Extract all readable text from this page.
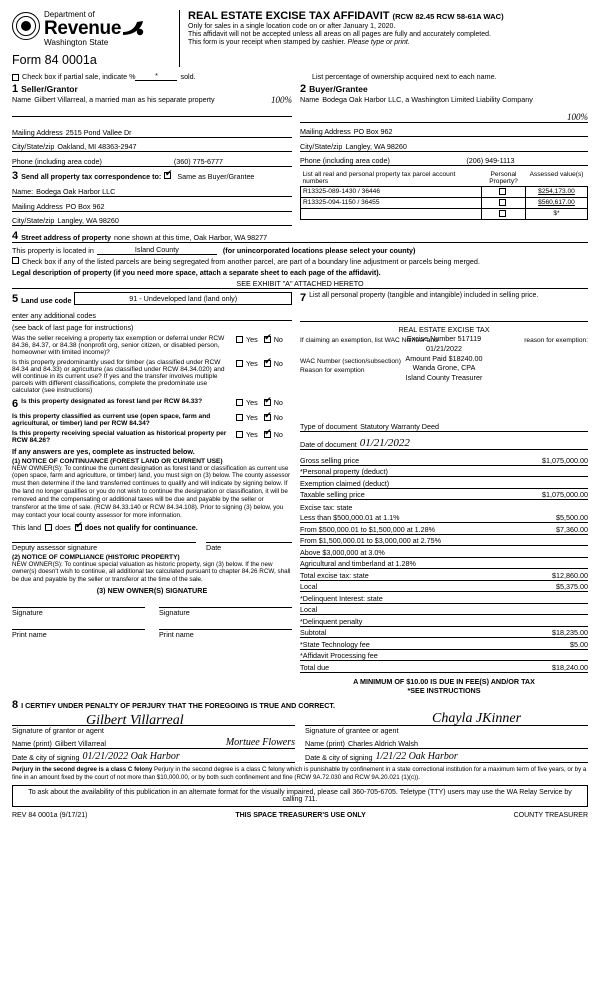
Department of
Revenue
Washington State
Form 84 0001a
REAL ESTATE EXCISE TAX AFFIDAVIT (RCW 82.45 RCW 58-61A WAC)
Only for sales in a single location code on or after January 1, 2020.
This affidavit will not be accepted unless all areas on all pages are fully and accurately completed.
This form is your receipt when stamped by cashier. Please type or print.
Check box if partial sale, indicate %	*	sold.	List percentage of ownership acquired next to each name.
1 Seller/Grantor
Name Gilbert Villarreal, a married man as his separate property	100%
Mailing Address 2515 Pond Vallee Dr
City/State/zip Oakland, MI 48363-2947
Phone (including area code)	(360) 775-6777
2 Buyer/Grantee
Name Bodega Oak Harbor LLC, a Washington Limited Liability Company
100%
Mailing Address PO Box 962
City/State/zip Langley, WA 98260
Phone (including area code)	(206) 949-1113
3 Send all property tax correspondence to: ✔ Same as Buyer/Grantee
Name: Bodega Oak Harbor LLC
Mailing Address PO Box 962
City/State/zip Langley, WA 98260
List all real and personal property tax parcel account numbers	Personal Property?	Assessed value(s)
R13325-089-1430 / 36446		$254,173.00
R13325-094-1150 / 36455		$560,617.00
		$*
4 Street address of property none shown at this time, Oak Harbor, WA 98277
This property is located in	Island County	(for unincorporated locations please select your county)
Check box if any of the listed parcels are being segregated from another parcel, are part of a boundary line adjustment or parcels being merged.
Legal description of property (if you need more space, attach a separate sheet to each page of the affidavit).
SEE EXHIBIT "A" ATTACHED HERETO
5 Land use code	91 - Undeveloped land (land only)
enter any additional codes
(see back of last page for instructions)
Was the seller receiving a property tax exemption or deferral under RCW 84.36, 84.37, or 84.38 (nonprofit org, senior citizen, or disabled person, homeowner with limited income)?
Yes ✔	No
Is this property predominantly used for timber (as classified under RCW 84.34 and 84.33) or agriculture (as classified under RCW 84.34.020) and will continue in its current use? If yes and the transfer involves multiple parcels with different classifications, complete the predominate use calculator (see instructions)
Yes ✔	No
6 Is this property designated as forest land per RCW 84.33?	Yes ✔	No
Is this property classified as current use (open space, farm and agricultural, or timber) land per RCW 84.34?
Yes ✔	No
Is this property receiving special valuation as historical property per RCW 84.26?
Yes ✔	No
If any answers are yes, complete as instructed below.
(1) NOTICE OF CONTINUANCE (FOREST LAND OR CURRENT USE)
NEW OWNER(S): To continue the current designation as forest land or classification as current use (open space, farm and agriculture, or timber) land, you must sign on (3) below. The county assessor must then determine if the land transferred continues to qualify and will indicate by signing below. If the land no longer qualifies or you do not wish to continue the designation or classification, it will be removed and the compensating or additional taxes will be due and payable by the seller or transferor at the time of sale. (RCW 84.33.140 or RCW 84.34.108). Prior to signing (3) below, you may contact your local county assessor for more information.
This land	does ✔	does not qualify for continuance.
Deputy assessor signature	Date
(2) NOTICE OF COMPLIANCE (HISTORIC PROPERTY)
NEW OWNER(S): To continue special valuation as historic property, sign (3) below. If the new owner(s) doesn't wish to continue, all additional tax calculated pursuant to chapter 84.26 RCW, shall be due and payable by the seller or transferor at the time of the sale.
(3) NEW OWNER(S) SIGNATURE
Signature	Signature
Print name	Print name
7 List all personal property (tangible and intangible) included in selling price.
REAL ESTATE EXCISE TAX
Excise Number 517119
01/21/2022
Amount Paid $18240.00
Wanda Grone, CPA
Island County Treasurer
If claiming an exemption, list WAC Number and	reason for exemption:
WAC Number (section/subsection)
Reason for exemption
Type of document Statutory Warranty Deed
Date of document 01/21/2022
Gross selling price	$1,075,000.00
*Personal property (deduct)
Exemption claimed (deduct)
Taxable selling price	$1,075,000.00
Excise tax: state
Less than $500,000.01 at 1.1%	$5,500.00
From $500,000.01 to $1,500,000 at 1.28%	$7,360.00
From $1,500,000.01 to $3,000,000 at 2.75%
Above $3,000,000 at 3.0%
Agricultural and timberland at 1.28%
Total excise tax: state	$12,860.00
Local	$5,375.00
*Delinquent Interest: state
Local
*Delinquent penalty
Subtotal	$18,235.00
*State Technology fee	$5.00
*Affidavit Processing fee
Total due	$18,240.00
A MINIMUM OF $10.00 IS DUE IN FEE(S) AND/OR TAX
*SEE INSTRUCTIONS
8 I CERTIFY UNDER PENALTY OF PERJURY THAT THE FOREGOING IS TRUE AND CORRECT.
Gilbert Villarreal
Signature of grantor or agent
Chayla JKinner
Signature of grantee or agent
Name (print) Gilbert Villarreal	Mortuee Flowers Name (print) Charles Aldrich Walsh
Date & city of signing 01/21/2022 Oak Harbor	Date & city of signing 1/21/22 Oak Harbor
Perjury in the second degree is a class C felony Perjury in the second degree is a class C felony which is punishable by confinement in a state correctional institution for a maximum term of five years, or by a fine in an amount fixed by the court of not more than $10,000.00, or by both such confinement and fine (RCW 9A.72.030 and RCW 9A.20.021 (1)(c)).
To ask about the availability of this publication in an alternate format for the visually impaired, please call 360-705-6705. Teletype (TTY) users may use the WA Relay Service by calling 711.
REV 84 0001a (9/17/21)	THIS SPACE TREASURER'S USE ONLY	COUNTY TREASURER
